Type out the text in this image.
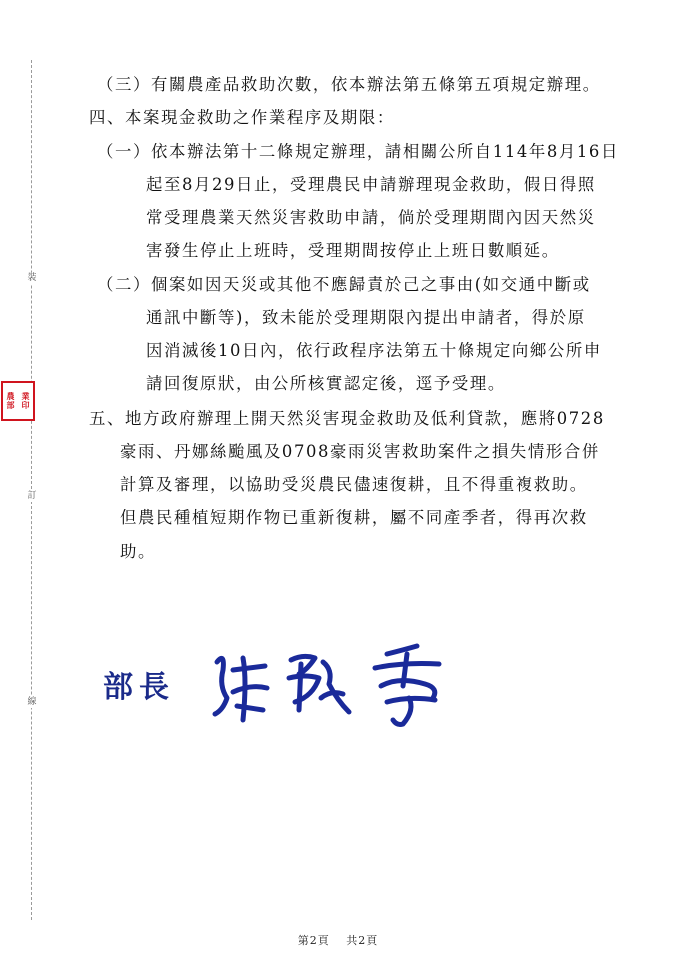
裝
訂
線
農 業
部 印
（三）有關農產品救助次數，依本辦法第五條第五項規定辦理。
四、本案現金救助之作業程序及期限：
（一）依本辦法第十二條規定辦理，請相關公所自114年8月16日
起至8月29日止，受理農民申請辦理現金救助，假日得照
常受理農業天然災害救助申請，倘於受理期間內因天然災
害發生停止上班時，受理期間按停止上班日數順延。
（二）個案如因天災或其他不應歸責於己之事由(如交通中斷或
通訊中斷等)，致未能於受理期限內提出申請者，得於原
因消滅後10日內，依行政程序法第五十條規定向鄉公所申
請回復原狀，由公所核實認定後，逕予受理。
五、地方政府辦理上開天然災害現金救助及低利貸款，應將0728
豪雨、丹娜絲颱風及0708豪雨災害救助案件之損失情形合併
計算及審理，以協助受災農民儘速復耕，且不得重複救助。
但農民種植短期作物已重新復耕，屬不同產季者，得再次救
助。
部長
第2頁 共2頁
